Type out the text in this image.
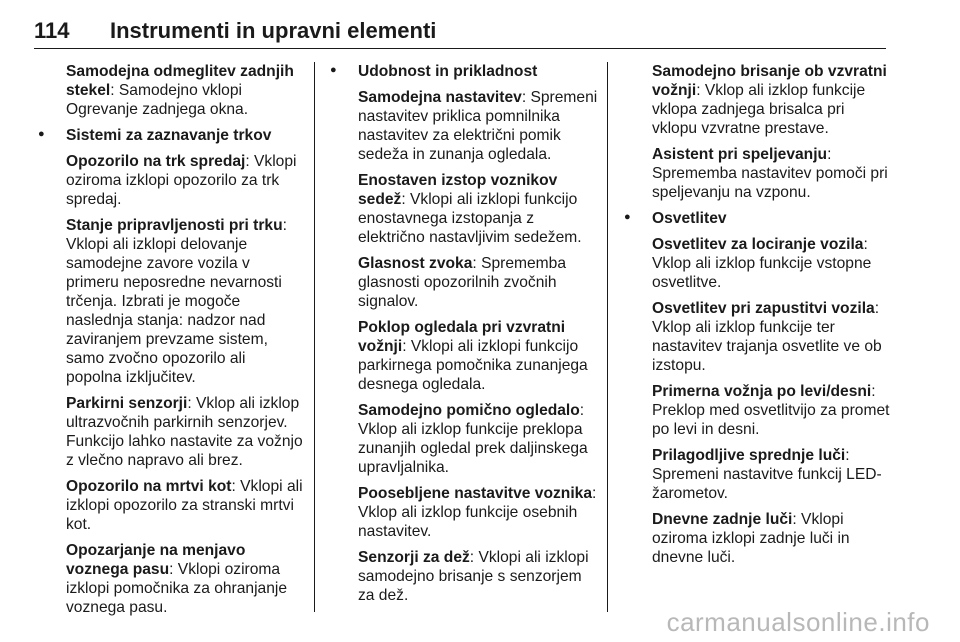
114 Instrumenti in upravni elementi
Samodejna odmeglitev zadnjih stekel: Samodejno vklopi Ogrevanje zadnjega okna.
● Sistemi za zaznavanje trkov
Opozorilo na trk spredaj: Vklopi oziroma izklopi opozorilo za trk spredaj.
Stanje pripravljenosti pri trku: Vklopi ali izklopi delovanje samodejne zavore vozila v primeru neposredne nevarnosti trčenja. Izbrati je mogoče naslednja stanja: nadzor nad zaviranjem prevzame sistem, samo zvočno opozorilo ali popolna izključitev.
Parkirni senzorji: Vklop ali izklop ultrazvočnih parkirnih senzorjev. Funkcijo lahko nastavite za vožnjo z vlečno napravo ali brez.
Opozorilo na mrtvi kot: Vklopi ali izklopi opozorilo za stranski mrtvi kot.
Opozarjanje na menjavo voznega pasu: Vklopi oziroma izklopi pomočnika za ohranjanje voznega pasu.
● Udobnost in prikladnost
Samodejna nastavitev: Spremeni nastavitev priklica pomnilnika nastavitev za električni pomik sedeža in zunanja ogledala.
Enostaven izstop voznikov sedež: Vklopi ali izklopi funkcijo enostavnega izstopanja z električno nastavljivim sedežem.
Glasnost zvoka: Sprememba glasnosti opozorilnih zvočnih signalov.
Poklop ogledala pri vzvratni vožnji: Vklopi ali izklopi funkcijo parkirnega pomočnika zunanjega desnega ogledala.
Samodejno pomično ogledalo: Vklop ali izklop funkcije preklopa zunanjih ogledal prek daljinskega upravljalnika.
Poosebljene nastavitve voznika: Vklop ali izklop funkcije osebnih nastavitev.
Senzorji za dež: Vklopi ali izklopi samodejno brisanje s senzorjem za dež.
Samodejno brisanje ob vzvratni vožnji: Vklop ali izklop funkcije vklopa zadnjega brisalca pri vklopu vzvratne prestave.
Asistent pri speljevanju: Sprememba nastavitev pomoči pri speljevanju na vzponu.
● Osvetlitev
Osvetlitev za lociranje vozila: Vklop ali izklop funkcije vstopne osvetlitve.
Osvetlitev pri zapustitvi vozila: Vklop ali izklop funkcije ter nastavitev trajanja osvetlite ve ob izstopu.
Primerna vožnja po levi/desni: Preklop med osvetlitvijo za promet po levi in desni.
Prilagodljive sprednje luči: Spremeni nastavitve funkcij LED-žarometov.
Dnevne zadnje luči: Vklopi oziroma izklopi zadnje luči in dnevne luči.
carmanualsonline.info
